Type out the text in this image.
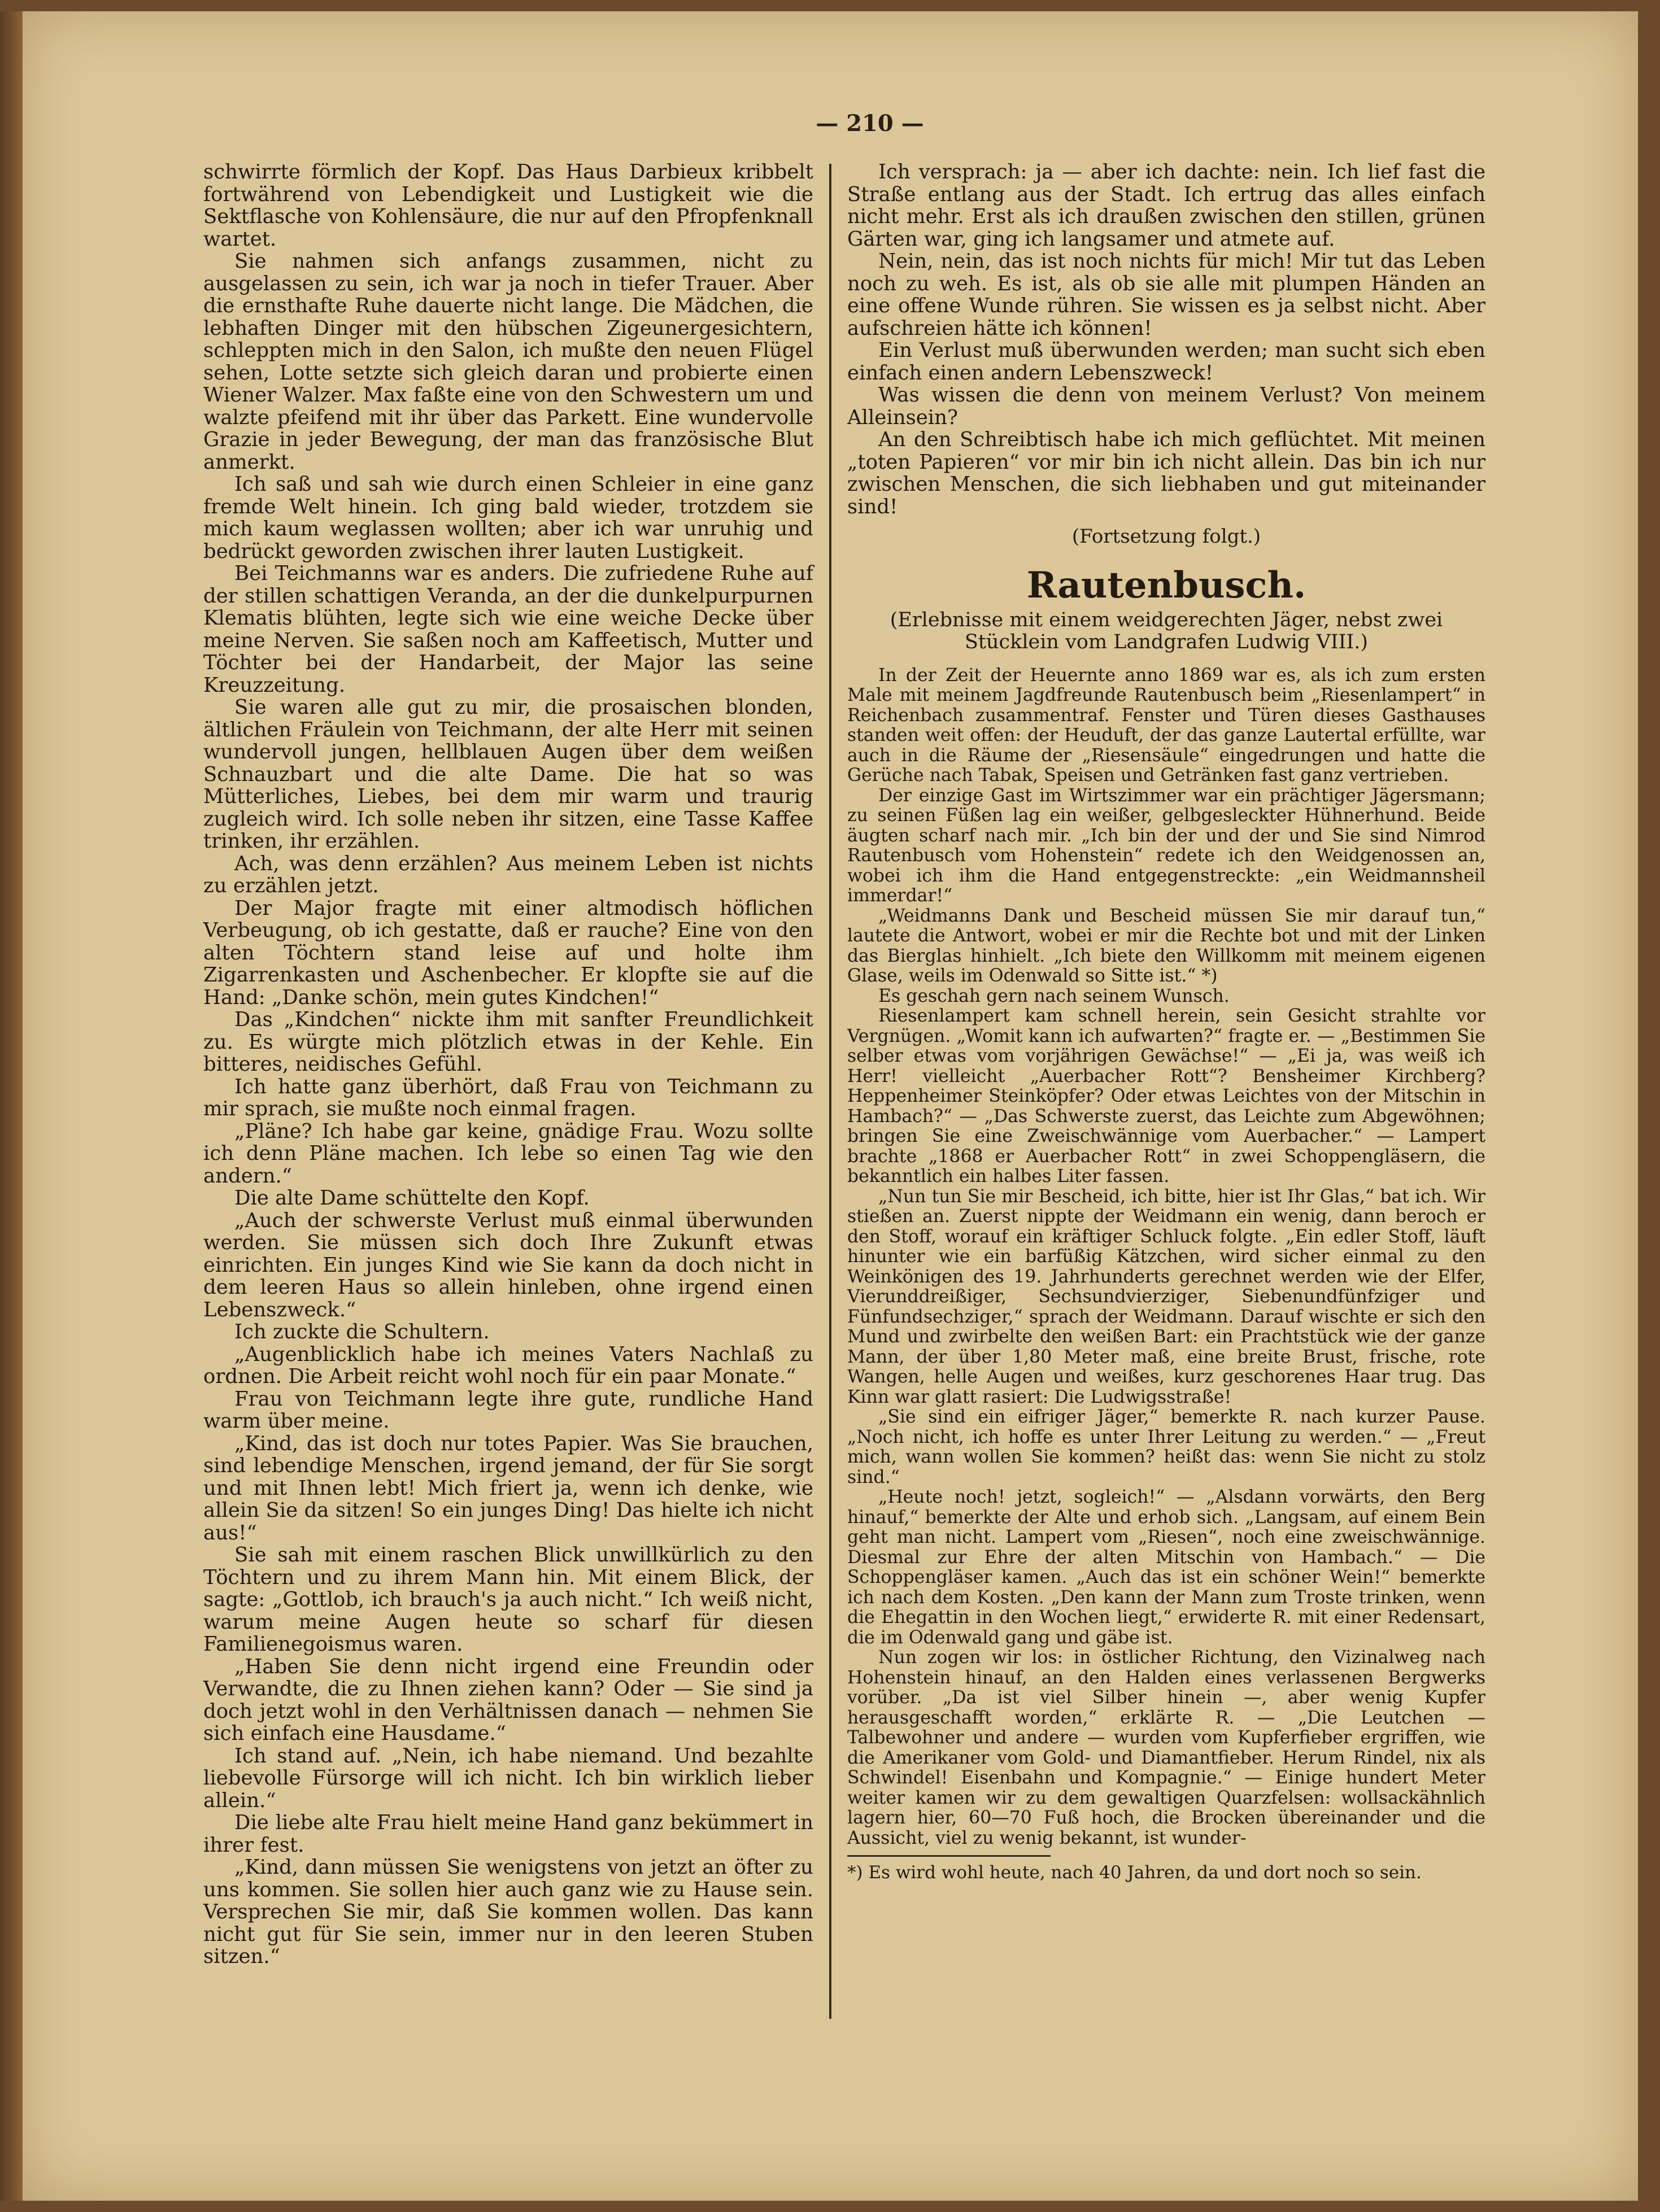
— 210 —

schwirrte förmlich der Kopf. Das Haus Darbieux kribbelt fortwährend von Lebendigkeit und Lustigkeit wie die Sektflasche von Kohlensäure, die nur auf den Pfropfenknall wartet.

Sie nahmen sich anfangs zusammen, nicht zu ausgelassen zu sein, ich war ja noch in tiefer Trauer. Aber die ernsthafte Ruhe dauerte nicht lange. Die Mädchen, die lebhaften Dinger mit den hübschen Zigeunergesichtern, schleppten mich in den Salon, ich mußte den neuen Flügel sehen, Lotte setzte sich gleich daran und probierte einen Wiener Walzer. Max faßte eine von den Schwestern um und walzte pfeifend mit ihr über das Parkett. Eine wundervolle Grazie in jeder Bewegung, der man das französische Blut anmerkt.

Ich saß und sah wie durch einen Schleier in eine ganz fremde Welt hinein. Ich ging bald wieder, trotzdem sie mich kaum weglassen wollten; aber ich war unruhig und bedrückt geworden zwischen ihrer lauten Lustigkeit.

Bei Teichmanns war es anders. Die zufriedene Ruhe auf der stillen schattigen Veranda, an der die dunkelpurpurnen Klematis blühten, legte sich wie eine weiche Decke über meine Nerven. Sie saßen noch am Kaffeetisch, Mutter und Töchter bei der Handarbeit, der Major las seine Kreuzzeitung.

Sie waren alle gut zu mir, die prosaischen blonden, ältlichen Fräulein von Teichmann, der alte Herr mit seinen wundervoll jungen, hellblauen Augen über dem weißen Schnauzbart und die alte Dame. Die hat so was Mütterliches, Liebes, bei dem mir warm und traurig zugleich wird. Ich solle neben ihr sitzen, eine Tasse Kaffee trinken, ihr erzählen.

Ach, was denn erzählen? Aus meinem Leben ist nichts zu erzählen jetzt.

Der Major fragte mit einer altmodisch höflichen Verbeugung, ob ich gestatte, daß er rauche? Eine von den alten Töchtern stand leise auf und holte ihm Zigarrenkasten und Aschenbecher. Er klopfte sie auf die Hand: „Danke schön, mein gutes Kindchen!“

Das „Kindchen“ nickte ihm mit sanfter Freundlichkeit zu. Es würgte mich plötzlich etwas in der Kehle. Ein bitteres, neidisches Gefühl.

Ich hatte ganz überhört, daß Frau von Teichmann zu mir sprach, sie mußte noch einmal fragen.

„Pläne? Ich habe gar keine, gnädige Frau. Wozu sollte ich denn Pläne machen. Ich lebe so einen Tag wie den andern.“

Die alte Dame schüttelte den Kopf.

„Auch der schwerste Verlust muß einmal überwunden werden. Sie müssen sich doch Ihre Zukunft etwas einrichten. Ein junges Kind wie Sie kann da doch nicht in dem leeren Haus so allein hinleben, ohne irgend einen Lebenszweck.“

Ich zuckte die Schultern.

„Augenblicklich habe ich meines Vaters Nachlaß zu ordnen. Die Arbeit reicht wohl noch für ein paar Monate.“

Frau von Teichmann legte ihre gute, rundliche Hand warm über meine.

„Kind, das ist doch nur totes Papier. Was Sie brauchen, sind lebendige Menschen, irgend jemand, der für Sie sorgt und mit Ihnen lebt! Mich friert ja, wenn ich denke, wie allein Sie da sitzen! So ein junges Ding! Das hielte ich nicht aus!“

Sie sah mit einem raschen Blick unwillkürlich zu den Töchtern und zu ihrem Mann hin. Mit einem Blick, der sagte: „Gottlob, ich brauch's ja auch nicht.“ Ich weiß nicht, warum meine Augen heute so scharf für diesen Familienegoismus waren.

„Haben Sie denn nicht irgend eine Freundin oder Verwandte, die zu Ihnen ziehen kann? Oder — Sie sind ja doch jetzt wohl in den Verhältnissen danach — nehmen Sie sich einfach eine Hausdame.“

Ich stand auf. „Nein, ich habe niemand. Und bezahlte liebevolle Fürsorge will ich nicht. Ich bin wirklich lieber allein.“

Die liebe alte Frau hielt meine Hand ganz bekümmert in ihrer fest.

„Kind, dann müssen Sie wenigstens von jetzt an öfter zu uns kommen. Sie sollen hier auch ganz wie zu Hause sein. Versprechen Sie mir, daß Sie kommen wollen. Das kann nicht gut für Sie sein, immer nur in den leeren Stuben sitzen.“

Ich versprach: ja — aber ich dachte: nein. Ich lief fast die Straße entlang aus der Stadt. Ich ertrug das alles einfach nicht mehr. Erst als ich draußen zwischen den stillen, grünen Gärten war, ging ich langsamer und atmete auf.

Nein, nein, das ist noch nichts für mich! Mir tut das Leben noch zu weh. Es ist, als ob sie alle mit plumpen Händen an eine offene Wunde rühren. Sie wissen es ja selbst nicht. Aber aufschreien hätte ich können!

Ein Verlust muß überwunden werden; man sucht sich eben einfach einen andern Lebenszweck!

Was wissen die denn von meinem Verlust? Von meinem Alleinsein?

An den Schreibtisch habe ich mich geflüchtet. Mit meinen „toten Papieren“ vor mir bin ich nicht allein. Das bin ich nur zwischen Menschen, die sich liebhaben und gut miteinander sind!

(Fortsetzung folgt.)

Rautenbusch.

(Erlebnisse mit einem weidgerechten Jäger, nebst zwei Stücklein vom Landgrafen Ludwig VIII.)

In der Zeit der Heuernte anno 1869 war es, als ich zum ersten Male mit meinem Jagdfreunde Rautenbusch beim „Riesenlampert“ in Reichenbach zusammentraf. Fenster und Türen dieses Gasthauses standen weit offen: der Heuduft, der das ganze Lautertal erfüllte, war auch in die Räume der „Riesensäule“ eingedrungen und hatte die Gerüche nach Tabak, Speisen und Getränken fast ganz vertrieben.

Der einzige Gast im Wirtszimmer war ein prächtiger Jägersmann; zu seinen Füßen lag ein weißer, gelbgesleckter Hühnerhund. Beide äugten scharf nach mir. „Ich bin der und der und Sie sind Nimrod Rautenbusch vom Hohenstein“ redete ich den Weidgenossen an, wobei ich ihm die Hand entgegenstreckte: „ein Weidmannsheil immerdar!“

„Weidmanns Dank und Bescheid müssen Sie mir darauf tun,“ lautete die Antwort, wobei er mir die Rechte bot und mit der Linken das Bierglas hinhielt. „Ich biete den Willkomm mit meinem eigenen Glase, weils im Odenwald so Sitte ist.“ *)

Es geschah gern nach seinem Wunsch.

Riesenlampert kam schnell herein, sein Gesicht strahlte vor Vergnügen. „Womit kann ich aufwarten?“ fragte er. — „Bestimmen Sie selber etwas vom vorjährigen Gewächse!“ — „Ei ja, was weiß ich Herr! vielleicht „Auerbacher Rott“? Bensheimer Kirchberg? Heppenheimer Steinköpfer? Oder etwas Leichtes von der Mitschin in Hambach?“ — „Das Schwerste zuerst, das Leichte zum Abgewöhnen; bringen Sie eine Zweischwännige vom Auerbacher.“ — Lampert brachte „1868 er Auerbacher Rott“ in zwei Schoppengläsern, die bekanntlich ein halbes Liter fassen.

„Nun tun Sie mir Bescheid, ich bitte, hier ist Ihr Glas,“ bat ich. Wir stießen an. Zuerst nippte der Weidmann ein wenig, dann beroch er den Stoff, worauf ein kräftiger Schluck folgte. „Ein edler Stoff, läuft hinunter wie ein barfüßig Kätzchen, wird sicher einmal zu den Weinkönigen des 19. Jahrhunderts gerechnet werden wie der Elfer, Vierunddreißiger, Sechsundvierziger, Siebenundfünfziger und Fünfundsechziger,“ sprach der Weidmann. Darauf wischte er sich den Mund und zwirbelte den weißen Bart: ein Prachtstück wie der ganze Mann, der über 1,80 Meter maß, eine breite Brust, frische, rote Wangen, helle Augen und weißes, kurz geschorenes Haar trug. Das Kinn war glatt rasiert: Die Ludwigsstraße!

„Sie sind ein eifriger Jäger,“ bemerkte R. nach kurzer Pause. „Noch nicht, ich hoffe es unter Ihrer Leitung zu werden.“ — „Freut mich, wann wollen Sie kommen? heißt das: wenn Sie nicht zu stolz sind.“

„Heute noch! jetzt, sogleich!“ — „Alsdann vorwärts, den Berg hinauf,“ bemerkte der Alte und erhob sich. „Langsam, auf einem Bein geht man nicht. Lampert vom „Riesen“, noch eine zweischwännige. Diesmal zur Ehre der alten Mitschin von Hambach.“ — Die Schoppengläser kamen. „Auch das ist ein schöner Wein!“ bemerkte ich nach dem Kosten. „Den kann der Mann zum Troste trinken, wenn die Ehegattin in den Wochen liegt,“ erwiderte R. mit einer Redensart, die im Odenwald gang und gäbe ist.

Nun zogen wir los: in östlicher Richtung, den Vizinalweg nach Hohenstein hinauf, an den Halden eines verlassenen Bergwerks vorüber. „Da ist viel Silber hinein —, aber wenig Kupfer herausgeschafft worden,“ erklärte R. — „Die Leutchen — Talbewohner und andere — wurden vom Kupferfieber ergriffen, wie die Amerikaner vom Gold- und Diamantfieber. Herum Rindel, nix als Schwindel! Eisenbahn und Kompagnie.“ — Einige hundert Meter weiter kamen wir zu dem gewaltigen Quarzfelsen: wollsackähnlich lagern hier, 60—70 Fuß hoch, die Brocken übereinander und die Aussicht, viel zu wenig bekannt, ist wunder-

*) Es wird wohl heute, nach 40 Jahren, da und dort noch so sein.
